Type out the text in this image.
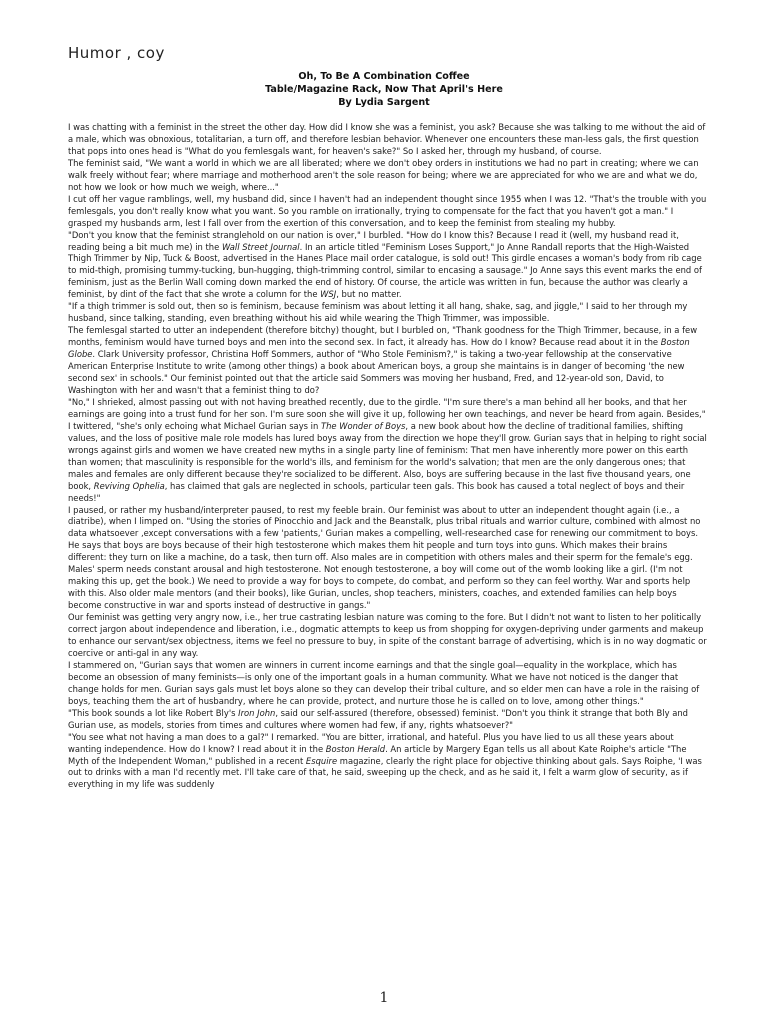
Humor , coy
Oh, To Be A Combination Coffee
Table/Magazine Rack, Now That April's Here
By Lydia Sargent

I was chatting with a feminist in the street the other day. How did I know she was a feminist, you ask? Because she was talking to me without the aid of a male, which was obnoxious, totalitarian, a turn off, and therefore lesbian behavior. Whenever one encounters these man-less gals, the first question that pops into ones head is "What do you femlesgals want, for heaven's sake?" So I asked her, through my husband, of course.

The feminist said, "We want a world in which we are all liberated; where we don't obey orders in institutions we had no part in creating; where we can walk freely without fear; where marriage and motherhood aren't the sole reason for being; where we are appreciated for who we are and what we do, not how we look or how much we weigh, where..."

I cut off her vague ramblings, well, my husband did, since I haven't had an independent thought since 1955 when I was 12. "That's the trouble with you femlesgals, you don't really know what you want. So you ramble on irrationally, trying to compensate for the fact that you haven't got a man." I grasped my husbands arm, lest I fall over from the exertion of this conversation, and to keep the feminist from stealing my hubby.

"Don't you know that the feminist stranglehold on our nation is over," I burbled. "How do I know this? Because I read it (well, my husband read it, reading being a bit much me) in the Wall Street Journal. In an article titled "Feminism Loses Support," Jo Anne Randall reports that the High-Waisted Thigh Trimmer by Nip, Tuck & Boost, advertised in the Hanes Place mail order catalogue, is sold out! This girdle encases a woman's body from rib cage to mid-thigh, promising tummy-tucking, bun-hugging, thigh-trimming control, similar to encasing a sausage." Jo Anne says this event marks the end of feminism, just as the Berlin Wall coming down marked the end of history. Of course, the article was written in fun, because the author was clearly a feminist, by dint of the fact that she wrote a column for the WSJ, but no matter.

"If a thigh trimmer is sold out, then so is feminism, because feminism was about letting it all hang, shake, sag, and jiggle," I said to her through my husband, since talking, standing, even breathing without his aid while wearing the Thigh Trimmer, was impossible.

The femlesgal started to utter an independent (therefore bitchy) thought, but I burbled on, "Thank goodness for the Thigh Trimmer, because, in a few months, feminism would have turned boys and men into the second sex. In fact, it already has. How do I know? Because read about it in the Boston Globe. Clark University professor, Christina Hoff Sommers, author of "Who Stole Feminism?," is taking a two-year fellowship at the conservative American Enterprise Institute to write (among other things) a book about American boys, a group she maintains is in danger of becoming 'the new second sex' in schools." Our feminist pointed out that the article said Sommers was moving her husband, Fred, and 12-year-old son, David, to Washington with her and wasn't that a feminist thing to do?

"No," I shrieked, almost passing out with not having breathed recently, due to the girdle. "I'm sure there's a man behind all her books, and that her earnings are going into a trust fund for her son. I'm sure soon she will give it up, following her own teachings, and never be heard from again. Besides," I twittered, "she's only echoing what Michael Gurian says in The Wonder of Boys, a new book about how the decline of traditional families, shifting values, and the loss of positive male role models has lured boys away from the direction we hope they'll grow. Gurian says that in helping to right social wrongs against girls and women we have created new myths in a single party line of feminism: That men have inherently more power on this earth than women; that masculinity is responsible for the world's ills, and feminism for the world's salvation; that men are the only dangerous ones; that males and females are only different because they're socialized to be different. Also, boys are suffering because in the last five thousand years, one book, Reviving Ophelia, has claimed that gals are neglected in schools, particular teen gals. This book has caused a total neglect of boys and their needs!"

I paused, or rather my husband/interpreter paused, to rest my feeble brain. Our feminist was about to utter an independent thought again (i.e., a diatribe), when I limped on. "Using the stories of Pinocchio and Jack and the Beanstalk, plus tribal rituals and warrior culture, combined with almost no data whatsoever ,except conversations with a few 'patients,' Gurian makes a compelling, well-researched case for renewing our commitment to boys. He says that boys are boys because of their high testosterone which makes them hit people and turn toys into guns. Which makes their brains different: they turn on like a machine, do a task, then turn off. Also males are in competition with others males and their sperm for the female's egg. Males' sperm needs constant arousal and high testosterone. Not enough testosterone, a boy will come out of the womb looking like a girl. (I'm not making this up, get the book.) We need to provide a way for boys to compete, do combat, and perform so they can feel worthy. War and sports help with this. Also older male mentors (and their books), like Gurian, uncles, shop teachers, ministers, coaches, and extended families can help boys become constructive in war and sports instead of destructive in gangs."

Our feminist was getting very angry now, i.e., her true castrating lesbian nature was coming to the fore. But I didn't not want to listen to her politically correct jargon about independence and liberation, i.e., dogmatic attempts to keep us from shopping for oxygen-depriving under garments and makeup to enhance our servant/sex objectness, items we feel no pressure to buy, in spite of the constant barrage of advertising, which is in no way dogmatic or coercive or anti-gal in any way.

I stammered on, "Gurian says that women are winners in current income earnings and that the single goal—equality in the workplace, which has become an obsession of many feminists—is only one of the important goals in a human community. What we have not noticed is the danger that change holds for men. Gurian says gals must let boys alone so they can develop their tribal culture, and so elder men can have a role in the raising of boys, teaching them the art of husbandry, where he can provide, protect, and nurture those he is called on to love, among other things."

"This book sounds a lot like Robert Bly's Iron John, said our self-assured (therefore, obsessed) feminist. "Don't you think it strange that both Bly and Gurian use, as models, stories from times and cultures where women had few, if any, rights whatsoever?"

"You see what not having a man does to a gal?" I remarked. "You are bitter, irrational, and hateful. Plus you have lied to us all these years about wanting independence. How do I know? I read about it in the Boston Herald. An article by Margery Egan tells us all about Kate Roiphe's article "The Myth of the Independent Woman," published in a recent Esquire magazine, clearly the right place for objective thinking about gals. Says Roiphe, 'I was out to drinks with a man I'd recently met. I'll take care of that, he said, sweeping up the check, and as he said it, I felt a warm glow of security, as if everything in my life was suddenly

1
